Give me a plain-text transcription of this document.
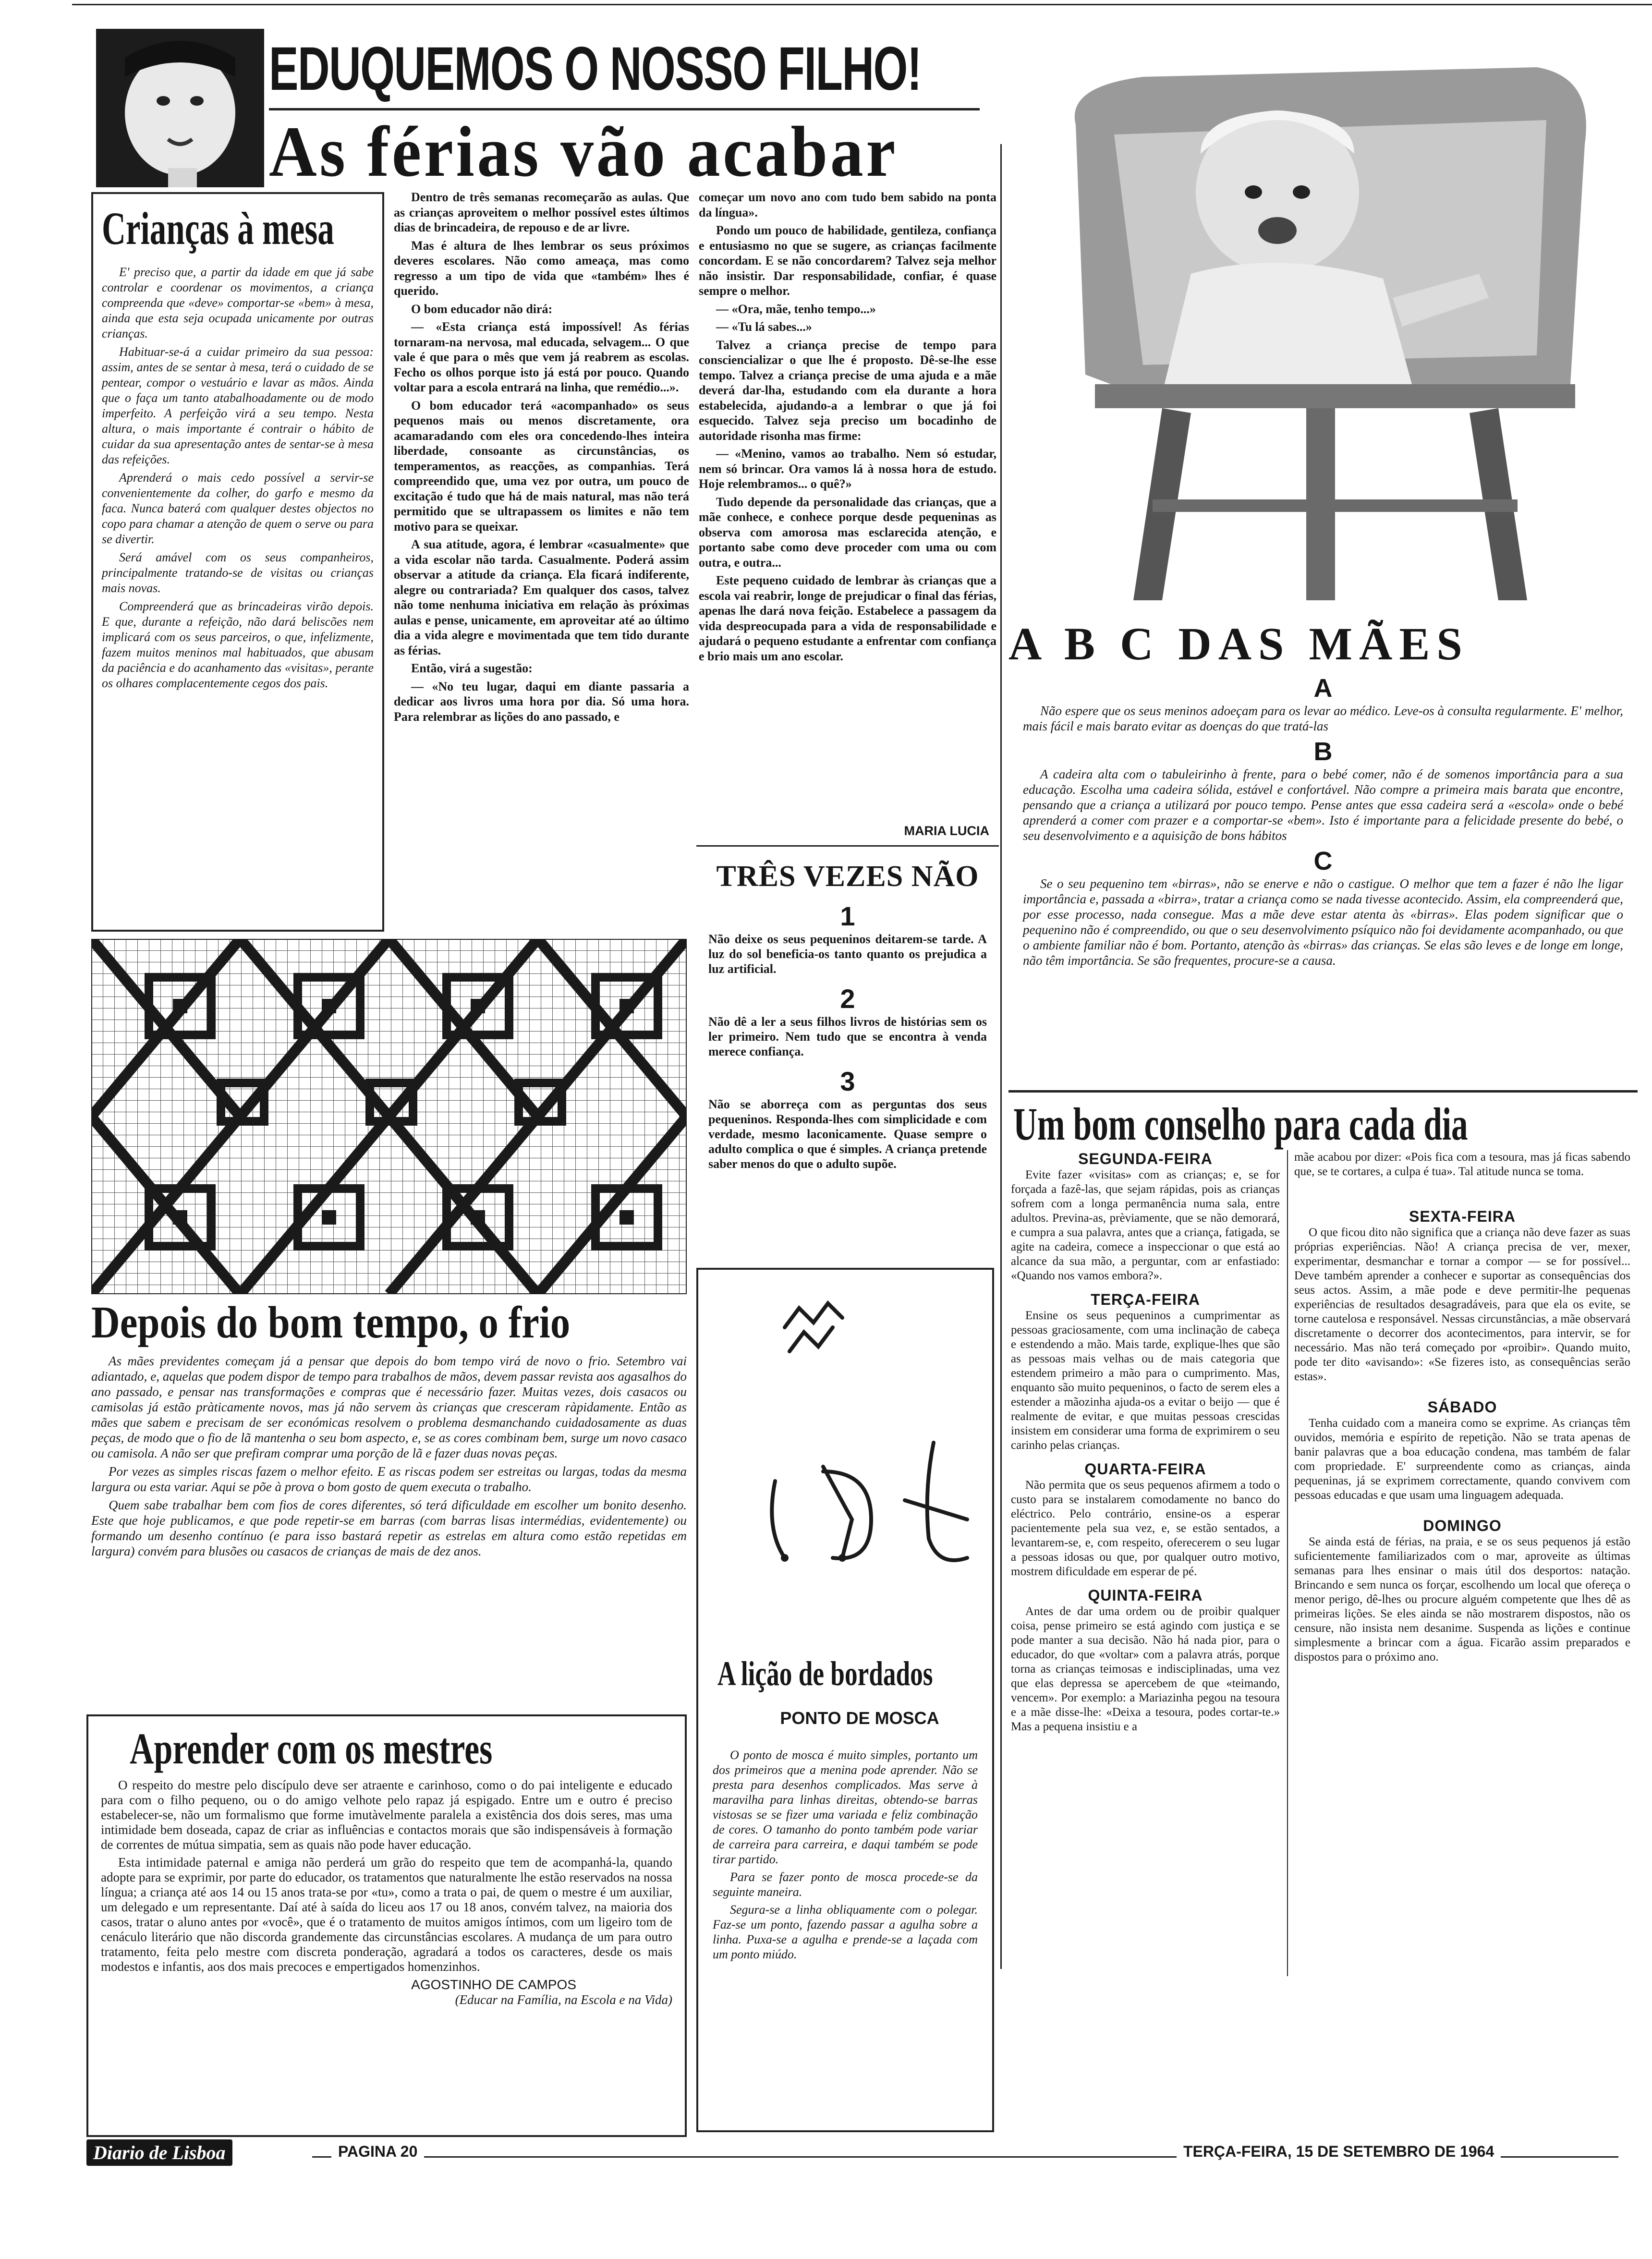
EDUQUEMOS O NOSSO FILHO!
As férias vão acabar
Crianças à mesa

E' preciso que, a partir da idade em que já sabe controlar e coordenar os movimentos, a criança compreenda que «deve» comportar-se «bem» à mesa, ainda que esta seja ocupada unicamente por outras crianças.

Habituar-se-á a cuidar primeiro da sua pessoa: assim, antes de se sentar à mesa, terá o cuidado de se pentear, compor o vestuário e lavar as mãos. Ainda que o faça um tanto atabalhoadamente ou de modo imperfeito. A perfeição virá a seu tempo. Nesta altura, o mais importante é contrair o hábito de cuidar da sua apresentação antes de sentar-se à mesa das refeições.

Aprenderá o mais cedo possível a servir-se convenientemente da colher, do garfo e mesmo da faca. Nunca baterá com qualquer destes objectos no copo para chamar a atenção de quem o serve ou para se divertir.

Será amável com os seus companheiros, principalmente tratando-se de visitas ou crianças mais novas.

Compreenderá que as brincadeiras virão depois. E que, durante a refeição, não dará beliscões nem implicará com os seus parceiros, o que, infelizmente, fazem muitos meninos mal habituados, que abusam da paciência e do acanhamento das «visitas», perante os olhares complacentemente cegos dos pais.

Dentro de três semanas recomeçarão as aulas. Que as crianças aproveitem o melhor possível estes últimos dias de brincadeira, de repouso e de ar livre.

Mas é altura de lhes lembrar os seus próximos deveres escolares. Não como ameaça, mas como regresso a um tipo de vida que «também» lhes é querido.

O bom educador não dirá:

— «Esta criança está impossível! As férias tornaram-na nervosa, mal educada, selvagem... O que vale é que para o mês que vem já reabrem as escolas. Fecho os olhos porque isto já está por pouco. Quando voltar para a escola entrará na linha, que remédio...».

O bom educador terá «acompanhado» os seus pequenos mais ou menos discretamente, ora acamaradando com eles ora concedendo-lhes inteira liberdade, consoante as circunstâncias, os temperamentos, as reacções, as companhias. Terá compreendido que, uma vez por outra, um pouco de excitação é tudo que há de mais natural, mas não terá permitido que se ultrapassem os limites e não tem motivo para se queixar.

A sua atitude, agora, é lembrar «casualmente» que a vida escolar não tarda. Casualmente. Poderá assim observar a atitude da criança. Ela ficará indiferente, alegre ou contrariada? Em qualquer dos casos, talvez não tome nenhuma iniciativa em relação às próximas aulas e pense, unicamente, em aproveitar até ao último dia a vida alegre e movimentada que tem tido durante as férias.

Então, virá a sugestão:

— «No teu lugar, daqui em diante passaria a dedicar aos livros uma hora por dia. Só uma hora. Para relembrar as lições do ano passado, e

começar um novo ano com tudo bem sabido na ponta da língua».

Pondo um pouco de habilidade, gentileza, confiança e entusiasmo no que se sugere, as crianças facilmente concordam. E se não concordarem? Talvez seja melhor não insistir. Dar responsabilidade, confiar, é quase sempre o melhor.

— «Ora, mãe, tenho tempo...»

— «Tu lá sabes...»

Talvez a criança precise de tempo para consciencializar o que lhe é proposto. Dê-se-lhe esse tempo. Talvez a criança precise de uma ajuda e a mãe deverá dar-lha, estudando com ela durante a hora estabelecida, ajudando-a a lembrar o que já foi esquecido. Talvez seja preciso um bocadinho de autoridade risonha mas firme:

— «Menino, vamos ao trabalho. Nem só estudar, nem só brincar. Ora vamos lá à nossa hora de estudo. Hoje relembramos... o quê?»

Tudo depende da personalidade das crianças, que a mãe conhece, e conhece porque desde pequeninas as observa com amorosa mas esclarecida atenção, e portanto sabe como deve proceder com uma ou com outra, e outra...

Este pequeno cuidado de lembrar às crianças que a escola vai reabrir, longe de prejudicar o final das férias, apenas lhe dará nova feição. Estabelece a passagem da vida despreocupada para a vida de responsabilidade e ajudará o pequeno estudante a enfrentar com confiança e brio mais um ano escolar.

MARIA LUCIA
TRÊS VEZES NÃO
1
Não deixe os seus pequeninos deitarem-se tarde. A luz do sol beneficia-os tanto quanto os prejudica a luz artificial.
2
Não dê a ler a seus filhos livros de histórias sem os ler primeiro. Nem tudo que se encontra à venda merece confiança.
3
Não se aborreça com as perguntas dos seus pequeninos. Responda-lhes com simplicidade e com verdade, mesmo laconicamente. Quase sempre o adulto complica o que é simples. A criança pretende saber menos do que o adulto supõe.
A B C DAS MÃES
A

Não espere que os seus meninos adoeçam para os levar ao médico. Leve-os à consulta regularmente. E' melhor, mais fácil e mais barato evitar as doenças do que tratá-las

B

A cadeira alta com o tabuleirinho à frente, para o bebé comer, não é de somenos importância para a sua educação. Escolha uma cadeira sólida, estável e confortável. Não compre a primeira mais barata que encontre, pensando que a criança a utilizará por pouco tempo. Pense antes que essa cadeira será a «escola» onde o bebé aprenderá a comer com prazer e a comportar-se «bem». Isto é importante para a felicidade presente do bebé, o seu desenvolvimento e a aquisição de bons hábitos

C

Se o seu pequenino tem «birras», não se enerve e não o castigue. O melhor que tem a fazer é não lhe ligar importância e, passada a «birra», tratar a criança como se nada tivesse acontecido. Assim, ela compreenderá que, por esse processo, nada consegue. Mas a mãe deve estar atenta às «birras». Elas podem significar que o pequenino não é compreendido, ou que o seu desenvolvimento psíquico não foi devidamente acompanhado, ou que o ambiente familiar não é bom. Portanto, atenção às «birras» das crianças. Se elas são leves e de longe em longe, não têm importância. Se são frequentes, procure-se a causa.

Um bom conselho para cada dia
SEGUNDA-FEIRA
Evite fazer «visitas» com as crianças; e, se for forçada a fazê-las, que sejam rápidas, pois as crianças sofrem com a longa permanência numa sala, entre adultos. Previna-as, prèviamente, que se não demorará, e cumpra a sua palavra, antes que a criança, fatigada, se agite na cadeira, comece a inspeccionar o que está ao alcance da sua mão, a perguntar, com ar enfastiado: «Quando nos vamos embora?».
TERÇA-FEIRA
Ensine os seus pequeninos a cumprimentar as pessoas graciosamente, com uma inclinação de cabeça e estendendo a mão. Mais tarde, explique-lhes que são as pessoas mais velhas ou de mais categoria que estendem primeiro a mão para o cumprimento. Mas, enquanto são muito pequeninos, o facto de serem eles a estender a mãozinha ajuda-os a evitar o beijo — que é realmente de evitar, e que muitas pessoas crescidas insistem em considerar uma forma de exprimirem o seu carinho pelas crianças.
QUARTA-FEIRA
Não permita que os seus pequenos afirmem a todo o custo para se instalarem comodamente no banco do eléctrico. Pelo contrário, ensine-os a esperar pacientemente pela sua vez, e, se estão sentados, a levantarem-se, e, com respeito, oferecerem o seu lugar a pessoas idosas ou que, por qualquer outro motivo, mostrem dificuldade em esperar de pé.
QUINTA-FEIRA
Antes de dar uma ordem ou de proibir qualquer coisa, pense primeiro se está agindo com justiça e se pode manter a sua decisão. Não há nada pior, para o educador, do que «voltar» com a palavra atrás, porque torna as crianças teimosas e indisciplinadas, uma vez que elas depressa se apercebem de que «teimando, vencem». Por exemplo: a Mariazinha pegou na tesoura e a mãe disse-lhe: «Deixa a tesoura, podes cortar-te.» Mas a pequena insistiu e a
mãe acabou por dizer: «Pois fica com a tesoura, mas já ficas sabendo que, se te cortares, a culpa é tua». Tal atitude nunca se toma.
SEXTA-FEIRA
O que ficou dito não significa que a criança não deve fazer as suas próprias experiências. Não! A criança precisa de ver, mexer, experimentar, desmanchar e tornar a compor — se for possível... Deve também aprender a conhecer e suportar as consequências dos seus actos. Assim, a mãe pode e deve permitir-lhe pequenas experiências de resultados desagradáveis, para que ela os evite, se torne cautelosa e responsável. Nessas circunstâncias, a mãe observará discretamente o decorrer dos acontecimentos, para intervir, se for necessário. Mas não terá começado por «proibir». Quando muito, pode ter dito «avisando»: «Se fizeres isto, as consequências serão estas».
SÁBADO
Tenha cuidado com a maneira como se exprime. As crianças têm ouvidos, memória e espírito de repetição. Não se trata apenas de banir palavras que a boa educação condena, mas também de falar com propriedade. E' surpreendente como as crianças, ainda pequeninas, já se exprimem correctamente, quando convivem com pessoas educadas e que usam uma linguagem adequada.
DOMINGO
Se ainda está de férias, na praia, e se os seus pequenos já estão suficientemente familiarizados com o mar, aproveite as últimas semanas para lhes ensinar o mais útil dos desportos: natação. Brincando e sem nunca os forçar, escolhendo um local que ofereça o menor perigo, dê-lhes ou procure alguém competente que lhes dê as primeiras lições. Se eles ainda se não mostrarem dispostos, não os censure, não insista nem desanime. Suspenda as lições e continue simplesmente a brincar com a água. Ficarão assim preparados e dispostos para o próximo ano.
Depois do bom tempo, o frio

As mães previdentes começam já a pensar que depois do bom tempo virá de novo o frio. Setembro vai adiantado, e, aquelas que podem dispor de tempo para trabalhos de mãos, devem passar revista aos agasalhos do ano passado, e pensar nas transformações e compras que é necessário fazer. Muitas vezes, dois casacos ou camisolas já estão pràticamente novos, mas já não servem às crianças que cresceram ràpidamente. Então as mães que sabem e precisam de ser económicas resolvem o problema desmanchando cuidadosamente as duas peças, de modo que o fio de lã mantenha o seu bom aspecto, e, se as cores combinam bem, surge um novo casaco ou camisola. A não ser que prefiram comprar uma porção de lã e fazer duas novas peças.

Por vezes as simples riscas fazem o melhor efeito. E as riscas podem ser estreitas ou largas, todas da mesma largura ou esta variar. Aqui se põe à prova o bom gosto de quem executa o trabalho.

Quem sabe trabalhar bem com fios de cores diferentes, só terá dificuldade em escolher um bonito desenho. Este que hoje publicamos, e que pode repetir-se em barras (com barras lisas intermédias, evidentemente) ou formando um desenho contínuo (e para isso bastará repetir as estrelas em altura como estão repetidas em largura) convém para blusões ou casacos de crianças de mais de dez anos.

Aprender com os mestres

O respeito do mestre pelo discípulo deve ser atraente e carinhoso, como o do pai inteligente e educado para com o filho pequeno, ou o do amigo velhote pelo rapaz já espigado. Entre um e outro é preciso estabelecer-se, não um formalismo que forme imutàvelmente paralela a existência dos dois seres, mas uma intimidade bem doseada, capaz de criar as influências e contactos morais que são indispensáveis à formação de correntes de mútua simpatia, sem as quais não pode haver educação.

Esta intimidade paternal e amiga não perderá um grão do respeito que tem de acompanhá-la, quando adopte para se exprimir, por parte do educador, os tratamentos que naturalmente lhe estão reservados na nossa língua; a criança até aos 14 ou 15 anos trata-se por «tu», como a trata o pai, de quem o mestre é um auxiliar, um delegado e um representante. Daí até à saída do liceu aos 17 ou 18 anos, convém talvez, na maioria dos casos, tratar o aluno antes por «você», que é o tratamento de muitos amigos íntimos, com um ligeiro tom de cenáculo literário que não discorda grandemente das circunstâncias escolares. A mudança de um para outro tratamento, feita pelo mestre com discreta ponderação, agradará a todos os caracteres, desde os mais modestos e infantis, aos dos mais precoces e empertigados homenzinhos.

AGOSTINHO DE CAMPOS
(Educar na Família, na Escola e na Vida)
A lição de bordados
PONTO DE MOSCA

O ponto de mosca é muito simples, portanto um dos primeiros que a menina pode aprender. Não se presta para desenhos complicados. Mas serve à maravilha para linhas direitas, obtendo-se barras vistosas se se fizer uma variada e feliz combinação de cores. O tamanho do ponto também pode variar de carreira para carreira, e daqui também se pode tirar partido.

Para se fazer ponto de mosca procede-se da seguinte maneira.

Segura-se a linha obliquamente com o polegar. Faz-se um ponto, fazendo passar a agulha sobre a linha. Puxa-se a agulha e prende-se a laçada com um ponto miúdo.

Diario de Lisboa	PAGINA 20	TERÇA-FEIRA, 15 DE SETEMBRO DE 1964
